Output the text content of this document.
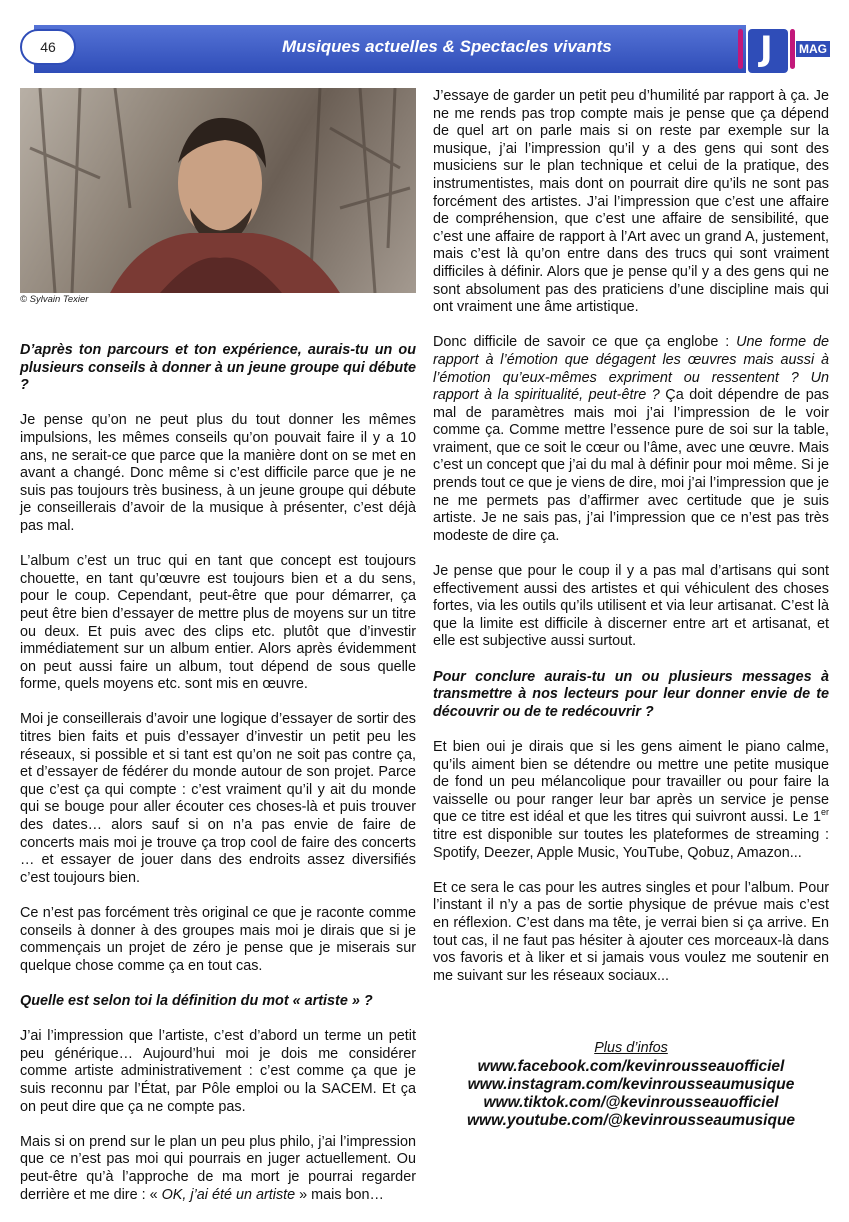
46	Musiques actuelles & Spectacles vivants	J MAG
© Sylvain Texier

D’après ton parcours et ton expérience, aurais-tu un ou plusieurs conseils à donner à un jeune groupe qui débute ?

Je pense qu’on ne peut plus du tout donner les mêmes impulsions, les mêmes conseils qu’on pouvait faire il y a 10 ans, ne serait-ce que parce que la manière dont on se met en avant a changé. Donc même si c’est difficile parce que je ne suis pas toujours très business, à un jeune groupe qui débute je conseillerais d’avoir de la musique à présenter, c’est déjà pas mal.

L’album c’est un truc qui en tant que concept est toujours chouette, en tant qu’œuvre est toujours bien et a du sens, pour le coup. Cependant, peut-être que pour démarrer, ça peut être bien d’essayer de mettre plus de moyens sur un titre ou deux. Et puis avec des clips etc. plutôt que d’investir immédiatement sur un album entier. Alors après évidemment on peut aussi faire un album, tout dépend de sous quelle forme, quels moyens etc. sont mis en œuvre.

Moi je conseillerais d’avoir une logique d’essayer de sortir des titres bien faits et puis d’essayer d’investir un petit peu les réseaux, si possible et si tant est qu’on ne soit pas contre ça, et d’essayer de fédérer du monde autour de son projet. Parce que c’est ça qui compte : c’est vraiment qu’il y ait du monde qui se bouge pour aller écouter ces choses-là et puis trouver des dates… alors sauf si on n’a pas envie de faire de concerts mais moi je trouve ça trop cool de faire des concerts … et essayer de jouer dans des endroits assez diversifiés c’est toujours bien.

Ce n’est pas forcément très original ce que je raconte comme conseils à donner à des groupes mais moi je dirais que si je commençais un projet de zéro je pense que je miserais sur quelque chose comme ça en tout cas.

Quelle est selon toi la définition du mot « artiste » ?

J’ai l’impression que l’artiste, c’est d’abord un terme un petit peu générique… Aujourd’hui moi je dois me considérer comme artiste administrativement : c’est comme ça que je suis reconnu par l’État, par Pôle emploi ou la SACEM. Et ça on peut dire que ça ne compte pas.

Mais si on prend sur le plan un peu plus philo, j’ai l’impression que ce n’est pas moi qui pourrais en juger actuellement. Ou peut-être qu’à l’approche de ma mort je pourrai regarder derrière et me dire : « OK, j’ai été un artiste » mais bon…

J’essaye de garder un petit peu d’humilité par rapport à ça. Je ne me rends pas trop compte mais je pense que ça dépend de quel art on parle mais si on reste par exemple sur la musique, j’ai l’impression qu’il y a des gens qui sont des musiciens sur le plan technique et celui de la pratique, des instrumentistes, mais dont on pourrait dire qu’ils ne sont pas forcément des artistes. J’ai l’impression que c’est une affaire de compréhension, que c’est une affaire de sensibilité, que c’est une affaire de rapport à l’Art avec un grand A, justement, mais c’est là qu’on entre dans des trucs qui sont vraiment difficiles à définir. Alors que je pense qu’il y a des gens qui ne sont absolument pas des praticiens d’une discipline mais qui ont vraiment une âme artistique.

Donc difficile de savoir ce que ça englobe : Une forme de rapport à l’émotion que dégagent les œuvres mais aussi à l’émotion qu’eux-mêmes expriment ou ressentent ? Un rapport à la spiritualité, peut-être ? Ça doit dépendre de pas mal de paramètres mais moi j’ai l’impression de le voir comme ça. Comme mettre l’essence pure de soi sur la table, vraiment, que ce soit le cœur ou l’âme, avec une œuvre. Mais c’est un concept que j’ai du mal à définir pour moi même. Si je prends tout ce que je viens de dire, moi j’ai l’impression que je ne me permets pas d’affirmer avec certitude que je suis artiste. Je ne sais pas, j’ai l’impression que ce n’est pas très modeste de dire ça.

Je pense que pour le coup il y a pas mal d’artisans qui sont effectivement aussi des artistes et qui véhiculent des choses fortes, via les outils qu’ils utilisent et via leur artisanat. C’est là que la limite est difficile à discerner entre art et artisanat, et elle est subjective aussi surtout.

Pour conclure aurais-tu un ou plusieurs messages à transmettre à nos lecteurs pour leur donner envie de te découvrir ou de te redécouvrir ?

Et bien oui je dirais que si les gens aiment le piano calme, qu’ils aiment bien se détendre ou mettre une petite musique de fond un peu mélancolique pour travailler ou pour faire la vaisselle ou pour ranger leur bar après un service je pense que ce titre est idéal et que les titres qui suivront aussi. Le 1er titre est disponible sur toutes les plateformes de streaming : Spotify, Deezer, Apple Music, YouTube, Qobuz, Amazon...

Et ce sera le cas pour les autres singles et pour l’album. Pour l’instant il n’y a pas de sortie physique de prévue mais c’est en réflexion. C’est dans ma tête, je verrai bien si ça arrive. En tout cas, il ne faut pas hésiter à ajouter ces morceaux-là dans vos favoris et à liker et si jamais vous voulez me soutenir en me suivant sur les réseaux sociaux...

Plus d’infos
www.facebook.com/kevinrousseauofficiel
www.instagram.com/kevinrousseaumusique
www.tiktok.com/@kevinrousseauofficiel
www.youtube.com/@kevinrousseaumusique
